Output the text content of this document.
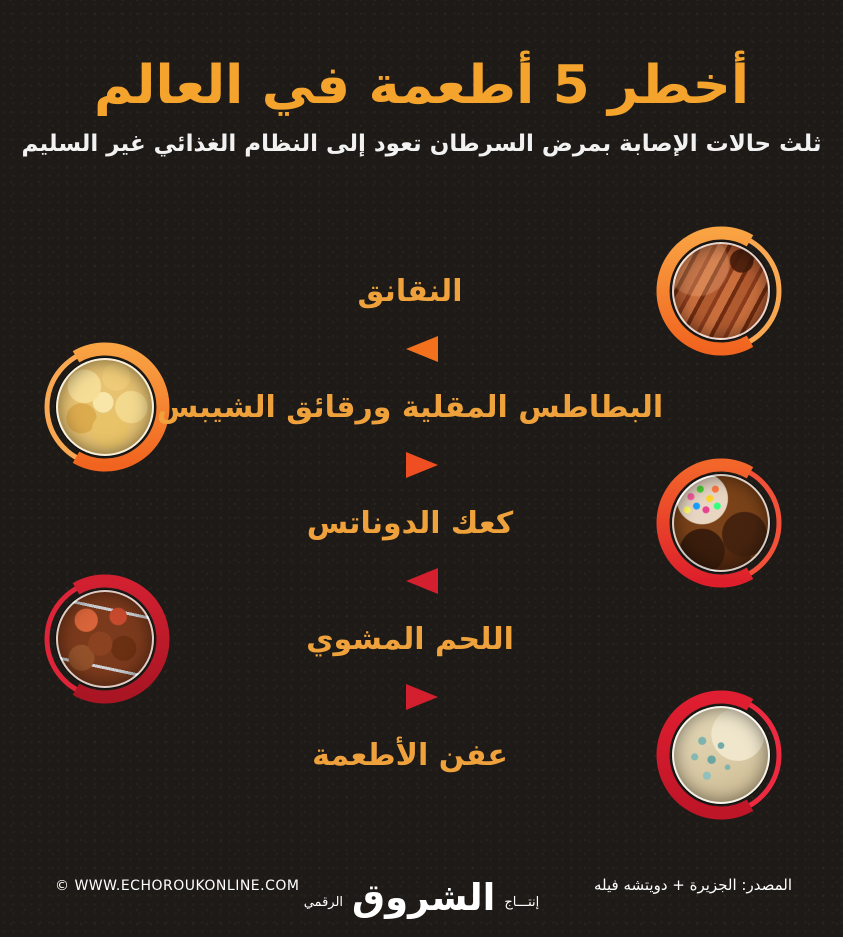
أخطر 5 أطعمة في العالم

ثلث حالات الإصابة بمرض السرطان تعود إلى النظام الغذائي غير السليم

النقانق
البطاطس المقلية ورقائق الشيبس
كعك الدوناتس
اللحم المشوي
عفن الأطعمة
© WWW.ECHOROUKONLINE.COM
إنتـــاج
الشروق
الرقمي
المصدر: الجزيرة + دويتشه فيله
